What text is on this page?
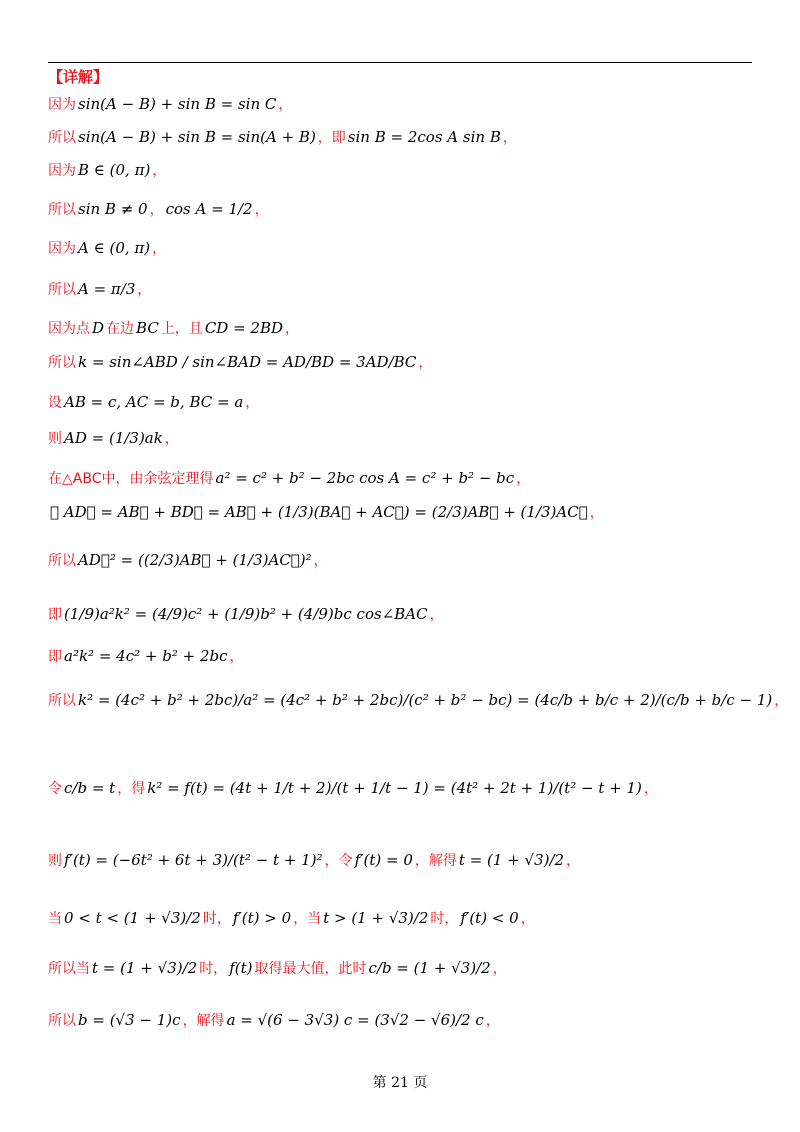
【详解】
因为 sin(A − B) + sin B = sin C ，
所以 sin(A − B) + sin B = sin(A + B) ，即 sin B = 2cos A sin B ，
因为 B ∈ (0, π) ，
所以 sin B ≠ 0 ， cos A = 1/2 ，
因为 A ∈ (0, π) ，
所以 A = π/3 ，
因为点 D 在边 BC 上，且 CD = 2BD ，
所以 k = sin∠ABD / sin∠BAD = AD/BD = 3AD/BC ，
设 AB = c, AC = b, BC = a ，
则 AD = (1/3)ak ，
在△ABC中，由余弦定理得 a² = c² + b² − 2bc cos A = c² + b² − bc ，
∵ AD⃗ = AB⃗ + BD⃗ = AB⃗ + (1/3)(BA⃗ + AC⃗) = (2/3)AB⃗ + (1/3)AC⃗ ，
所以 AD⃗² = ((2/3)AB⃗ + (1/3)AC⃗)² ，
即 (1/9)a²k² = (4/9)c² + (1/9)b² + (4/9)bc cos∠BAC ，
即 a²k² = 4c² + b² + 2bc ，
所以 k² = (4c² + b² + 2bc)/a² = (4c² + b² + 2bc)/(c² + b² − bc) = (4c/b + b/c + 2)/(c/b + b/c − 1) ，
令 c/b = t ，得 k² = f(t) = (4t + 1/t + 2)/(t + 1/t − 1) = (4t² + 2t + 1)/(t² − t + 1) ，
则 f′(t) = (−6t² + 6t + 3)/(t² − t + 1)² ，令 f′(t) = 0 ，解得 t = (1 + √3)/2 ，
当 0 < t < (1 + √3)/2 时， f′(t) > 0 ，当 t > (1 + √3)/2 时， f′(t) < 0 ，
所以当 t = (1 + √3)/2 时， f(t) 取得最大值，此时 c/b = (1 + √3)/2 ，
所以 b = (√3 − 1)c ，解得 a = √(6 − 3√3) c = (3√2 − √6)/2 c ，
第 21 页
